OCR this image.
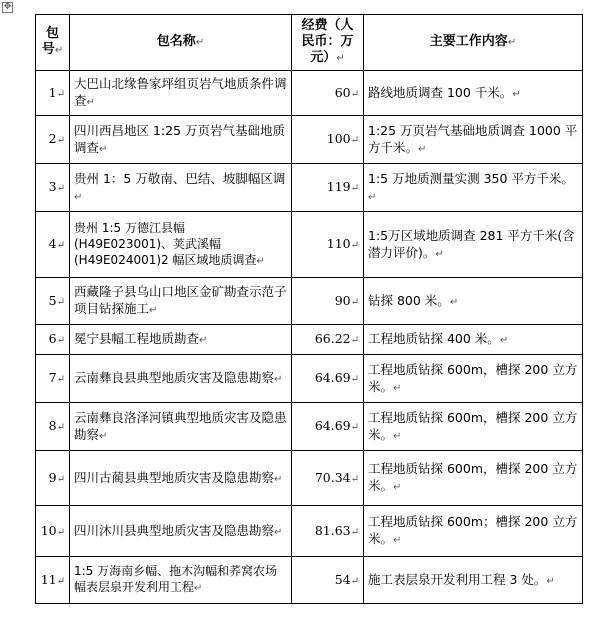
✥
包号↵	包名称↵	经费（人民币：万元）↵	主要工作内容↵
1↵	大巴山北缘鲁家坪组页岩气地质条件调查↵	60↵	路线地质调查 100 千米。↵
2↵	四川西昌地区 1:25 万页岩气基础地质调查↵	100↵	1:25 万页岩气基础地质调查 1000 平方千米。↵
3↵	贵州 1：5 万敬南、巴结、坡脚幅区调↵	119↵	1:5 万地质测量实测 350 平方千米。↵
4↵	贵州 1:5 万德江县幅 (H49E023001)、荚武溪幅 (H49E024001)2 幅区域地质调查↵	110↵	1:5万区域地质调查 281 平方千米(含潜力评价)。↵
5↵	西藏隆子县乌山口地区金矿勘查示范子项目钻探施工↵	90↵	钻探 800 米。↵
6↵	冕宁县幅工程地质勘查↵	66.22↵	工程地质钻探 400 米。↵
7↵	云南彝良县典型地质灾害及隐患勘察↵	64.69↵	工程地质钻探 600m，槽探 200 立方米。↵
8↵	云南彝良洛泽河镇典型地质灾害及隐患勘察↵	64.69↵	工程地质钻探 600m，槽探 200 立方米。↵
9↵	四川古蔺县典型地质灾害及隐患勘察↵	70.34↵	工程地质钻探 600m，槽探 200 立方米。↵
10↵	四川沐川县典型地质灾害及隐患勘察↵	81.63↵	工程地质钻探 600m；槽探 200 立方米。↵
11↵	1:5 万海南乡幅、拖木沟幅和荞窝农场幅表层泉开发利用工程↵	54↵	施工表层泉开发利用工程 3 处。↵
